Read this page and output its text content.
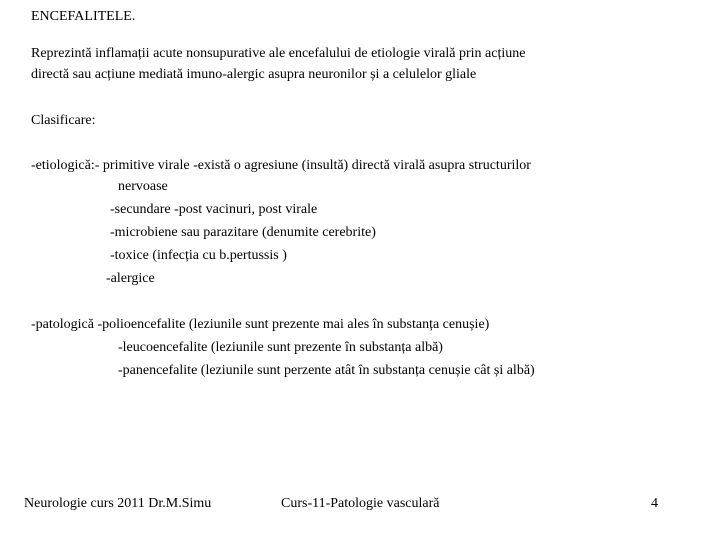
ENCEFALITELE.
Reprezintă inflamații acute nonsupurative ale encefalului de etiologie virală prin acțiune
directă sau acțiune mediată imuno-alergic asupra neuronilor și a celulelor gliale
Clasificare:
-etiologică:- primitive virale -există o agresiune (insultă) directă virală asupra structurilor
nervoase
-secundare -post vacinuri, post virale
-microbiene sau parazitare (denumite cerebrite)
-toxice (infecția cu b.pertussis )
-alergice
-patologică -polioencefalite (leziunile sunt prezente mai ales în substanța cenușie)
-leucoencefalite (leziunile sunt prezente în substanța albă)
-panencefalite (leziunile sunt perzente atât în substanța cenușie cât și albă)
Neurologie curs 2011 Dr.M.Simu	Curs-11-Patologie vasculară	4
